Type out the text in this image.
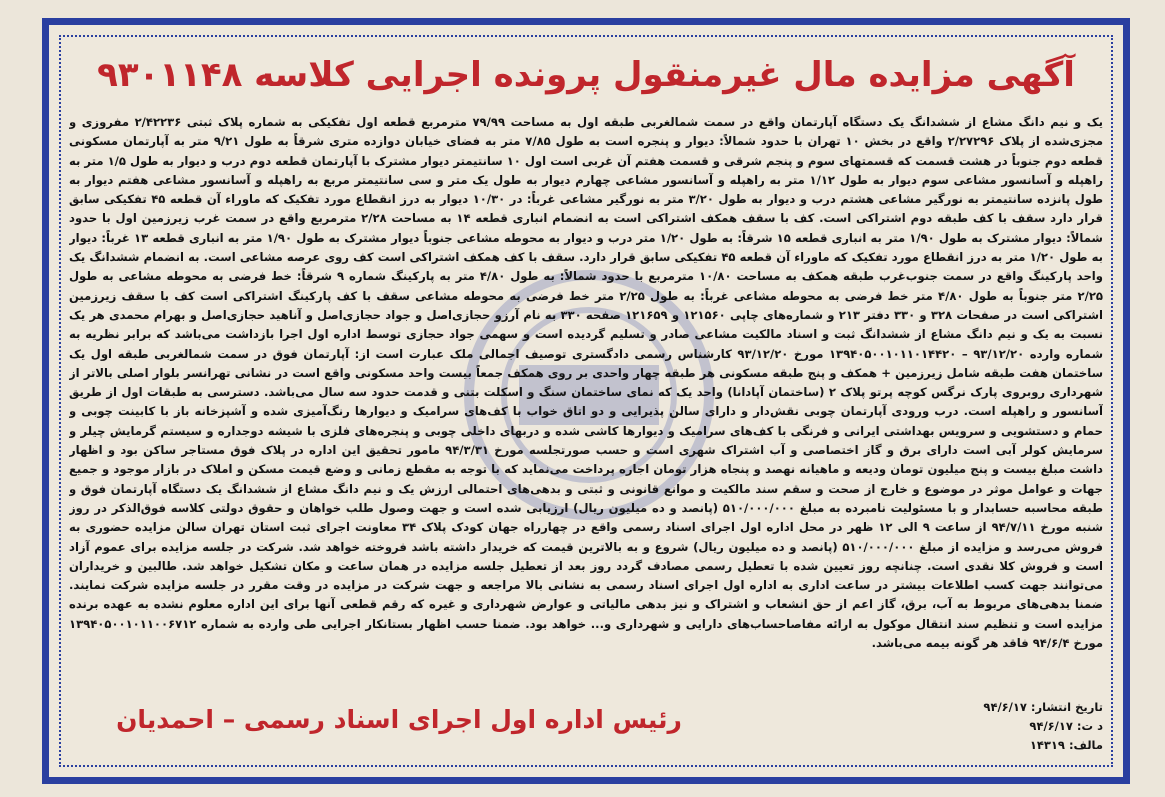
آگهی مزایده مال غیرمنقول پرونده اجرایی کلاسه ۹۳۰۱۱۴۸
یک و نیم دانگ مشاع از ششدانگ یک دستگاه آپارتمان واقع در سمت شمالغربی طبقه اول به مساحت ۷۹/۹۹ مترمربع قطعه اول تفکیکی به شماره پلاک ثبتی ۲/۴۲۲۳۶ مفروزی و مجزی‌شده از پلاک ۲/۲۷۲۹۶ واقع در بخش ۱۰ تهران با حدود شمالاً: دیوار و پنجره است به طول ۷/۸۵ متر به فضای خیابان دوازده متری شرقاً به طول ۹/۲۱ متر به آپارتمان مسکونی قطعه دوم جنوباً در هشت قسمت که قسمتهای سوم و پنجم شرقی و قسمت هفتم آن غربی است اول ۱۰ سانتیمتر دیوار مشترک با آپارتمان قطعه دوم درب و دیوار به طول ۱/۵ متر به راهپله و آسانسور مشاعی سوم دیوار به طول ۱/۱۲ متر به راهپله و آسانسور مشاعی چهارم دیوار به طول یک متر و سی سانتیمتر مربع به راهپله و آسانسور مشاعی هفتم دیوار به طول پانزده سانتیمتر به نورگیر مشاعی هشتم درب و دیوار به طول ۳/۲۰ متر به نورگیر مشاعی غرباً: در ۱۰/۳۰ دیوار به درز انقطاع مورد تفکیک که ماوراء آن قطعه ۴۵ تفکیکی سابق قرار دارد سقف با کف طبقه دوم اشتراکی است. کف با سقف همکف اشتراکی است به انضمام انباری قطعه ۱۴ به مساحت ۲/۲۸ مترمربع واقع در سمت غرب زیرزمین اول با حدود شمالاً: دیوار مشترک به طول ۱/۹۰ متر به انباری قطعه ۱۵ شرقاً: به طول ۱/۲۰ متر درب و دیوار به محوطه مشاعی جنوباً دیوار مشترک به طول ۱/۹۰ متر به انباری قطعه ۱۳ غرباً: دیوار به طول ۱/۲۰ متر به درز انقطاع مورد تفکیک که ماوراء آن قطعه ۴۵ تفکیکی سابق قرار دارد. سقف با کف همکف اشتراکی است کف روی عرصه مشاعی است. به انضمام ششدانگ یک واحد پارکینگ واقع در سمت جنوب‌غرب طبقه همکف به مساحت ۱۰/۸۰ مترمربع با حدود شمالاً: به طول ۴/۸۰ متر به پارکینگ شماره ۹ شرقاً: خط فرضی به محوطه مشاعی به طول ۲/۲۵ متر جنوباً به طول ۴/۸۰ متر خط فرضی به محوطه مشاعی غرباً: به طول ۲/۲۵ متر خط فرضی به محوطه مشاعی سقف با کف پارکینگ اشتراکی است کف با سقف زیرزمین اشتراکی است در صفحات ۳۲۸ و ۳۳۰ دفتر ۲۱۳ و شماره‌های چاپی ۱۲۱۵۶۰ و ۱۲۱۶۵۹ صفحه ۳۳۰ به نام آرزو حجازی‌اصل و جواد حجازی‌اصل و آناهید حجازی‌اصل و بهرام محمدی هر یک نسبت به یک و نیم دانگ مشاع از ششدانگ ثبت و اسناد مالکیت مشاعی صادر و تسلیم گردیده است و سهمی جواد حجازی توسط اداره اول اجرا بازداشت می‌باشد که برابر نظریه به شماره وارده ۹۳/۱۲/۲۰ – ۱۳۹۴۰۵۰۰۱۰۱۱۰۱۴۴۲۰ مورخ ۹۳/۱۲/۲۰ کارشناس رسمی دادگستری توصیف اجمالی ملک عبارت است از: آپارتمان فوق در سمت شمالغربی طبقه اول یک ساختمان هفت طبقه شامل زیرزمین + همکف و پنج طبقه مسکونی هر طبقه چهار واحدی بر روی همکف جمعاً بیست واحد مسکونی واقع است در نشانی تهرانسر بلوار اصلی بالاتر از شهرداری روبروی پارک نرگس کوچه پرتو پلاک ۲ (ساختمان آپادانا) واحد یک که نمای ساختمان سنگ و اسکلت بتنی و قدمت حدود سه سال می‌باشد. دسترسی به طبقات اول از طریق آسانسور و راهپله است. درب ورودی آپارتمان چوبی نقش‌دار و دارای سالن پذیرایی و دو اتاق خواب با کف‌های سرامیک و دیوارها رنگ‌آمیزی شده و آشپزخانه باز با کابینت چوبی و حمام و دستشویی و سرویس بهداشتی ایرانی و فرنگی با کف‌های سرامیک و دیوارها کاشی شده و دربهای داخلی چوبی و پنجره‌های فلزی با شیشه دوجداره و سیستم گرمایش چیلر و سرمایش کولر آبی است دارای برق و گاز اختصاصی و آب اشتراک شهری است و حسب صورتجلسه مورخ ۹۴/۳/۳۱ مامور تحقیق این اداره در پلاک فوق مستاجر ساکن بود و اظهار داشت مبلغ بیست و پنج میلیون تومان ودیعه و ماهیانه نهصد و پنجاه هزار تومان اجاره پرداخت می‌نماید که با توجه به مقطع زمانی و وضع قیمت مسکن و املاک در بازار موجود و جمیع جهات و عوامل موثر در موضوع و خارج از صحت و سقم سند مالکیت و موانع قانونی و ثبتی و بدهی‌های احتمالی ارزش یک و نیم دانگ مشاع از ششدانگ یک دستگاه آپارتمان فوق و طبقه محاسبه حسابدار و با مسئولیت نامبرده به مبلغ ۵۱۰/۰۰۰/۰۰۰ (پانصد و ده میلیون ریال) ارزیابی شده است و جهت وصول طلب خواهان و حقوق دولتی کلاسه فوق‌الذکر در روز شنبه مورخ ۹۴/۷/۱۱ از ساعت ۹ الی ۱۲ ظهر در محل اداره اول اجرای اسناد رسمی واقع در چهارراه جهان کودک پلاک ۳۴ معاونت اجرای ثبت استان تهران سالن مزایده حضوری به فروش می‌رسد و مزایده از مبلغ ۵۱۰/۰۰۰/۰۰۰ (پانصد و ده میلیون ریال) شروع و به بالاترین قیمت که خریدار داشته باشد فروخته خواهد شد. شرکت در جلسه مزایده برای عموم آزاد است و فروش کلا نقدی است. چنانچه روز تعیین شده با تعطیل رسمی مصادف گردد روز بعد از تعطیل جلسه مزایده در همان ساعت و مکان تشکیل خواهد شد. طالبین و خریداران می‌توانند جهت کسب اطلاعات بیشتر در ساعت اداری به اداره اول اجرای اسناد رسمی به نشانی بالا مراجعه و جهت شرکت در مزایده در وقت مقرر در جلسه مزایده شرکت نمایند. ضمنا بدهی‌های مربوط به آب، برق، گاز اعم از حق انشعاب و اشتراک و نیز بدهی مالیاتی و عوارض شهرداری و غیره که رقم قطعی آنها برای این اداره معلوم نشده به عهده برنده مزایده است و تنظیم سند انتقال موکول به ارائه مفاصاحساب‌های دارایی و شهرداری و... خواهد بود. ضمنا حسب اظهار بستانکار اجرایی طی وارده به شماره ۱۳۹۴۰۵۰۰۱۰۱۱۰۰۶۷۱۲ مورخ ۹۴/۶/۴ فاقد هر گونه بیمه می‌باشد.
تاریخ انتشار: ۹۴/۶/۱۷
د ت: ۹۴/۶/۱۷
مالف: ۱۴۳۱۹
رئیس اداره اول اجرای اسناد رسمی – احمدیان
